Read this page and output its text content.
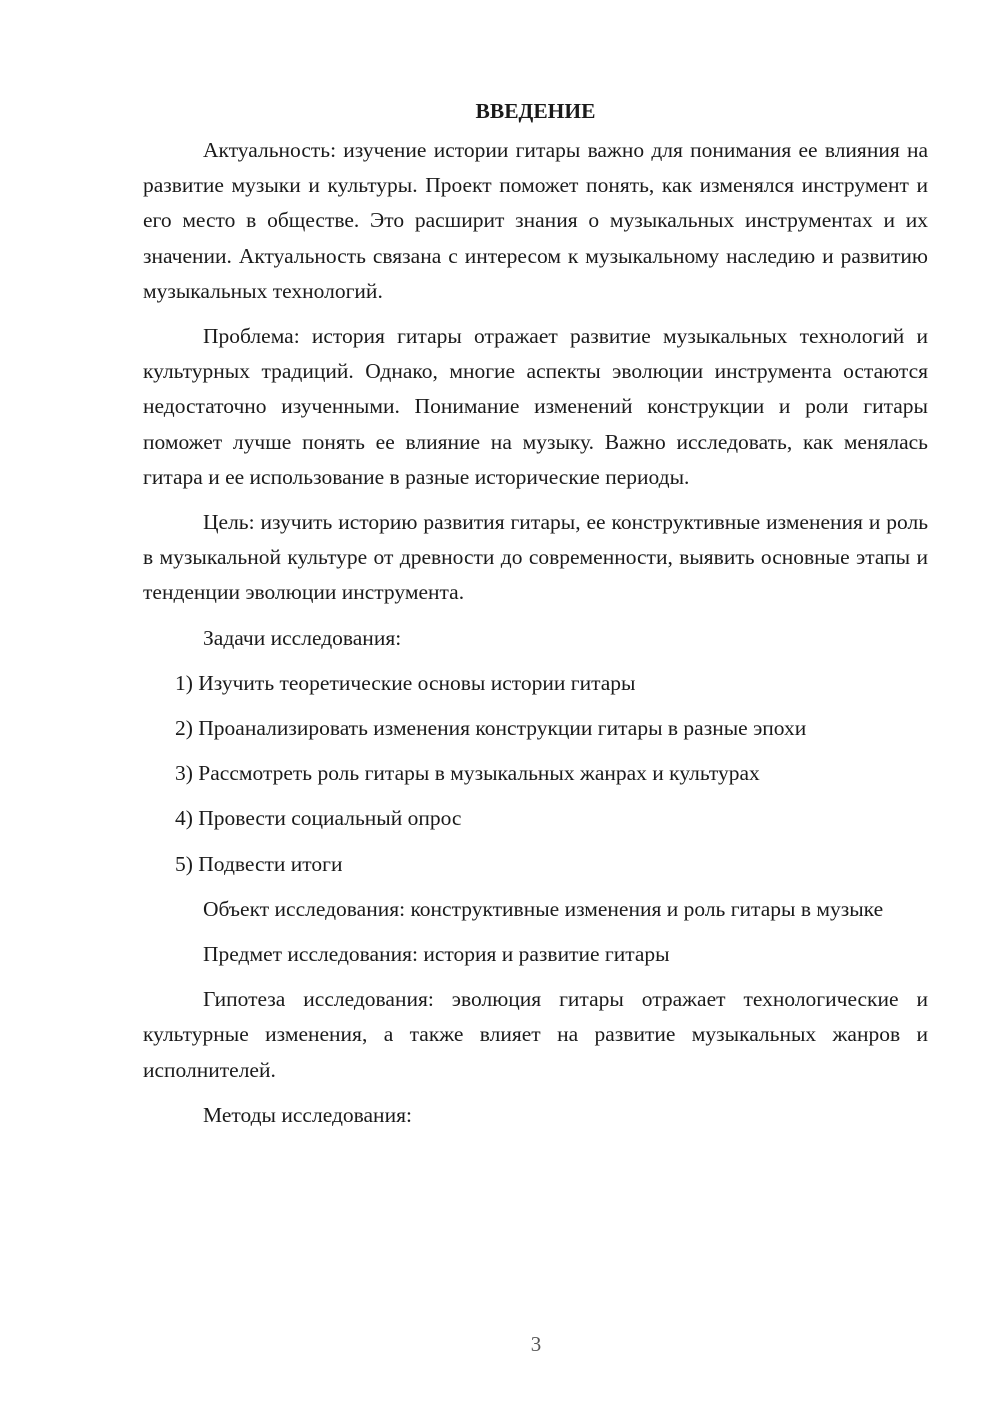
ВВЕДЕНИЕ

Актуальность: изучение истории гитары важно для понимания ее влияния на развитие музыки и культуры. Проект поможет понять, как изменялся инструмент и его место в обществе. Это расширит знания о музыкальных инструментах и их значении. Актуальность связана с интересом к музыкальному наследию и развитию музыкальных технологий.

Проблема: история гитары отражает развитие музыкальных технологий и культурных традиций. Однако, многие аспекты эволюции инструмента остаются недостаточно изученными. Понимание изменений конструкции и роли гитары поможет лучше понять ее влияние на музыку. Важно исследовать, как менялась гитара и ее использование в разные исторические периоды.

Цель: изучить историю развития гитары, ее конструктивные изменения и роль в музыкальной культуре от древности до современности, выявить основные этапы и тенденции эволюции инструмента.

Задачи исследования:

1) Изучить теоретические основы истории гитары
2) Проанализировать изменения конструкции гитары в разные эпохи
3) Рассмотреть роль гитары в музыкальных жанрах и культурах
4) Провести социальный опрос
5) Подвести итоги

Объект исследования: конструктивные изменения и роль гитары в музыке

Предмет исследования: история и развитие гитары

Гипотеза исследования: эволюция гитары отражает технологические и культурные изменения, а также влияет на развитие музыкальных жанров и исполнителей.

Методы исследования:

3
